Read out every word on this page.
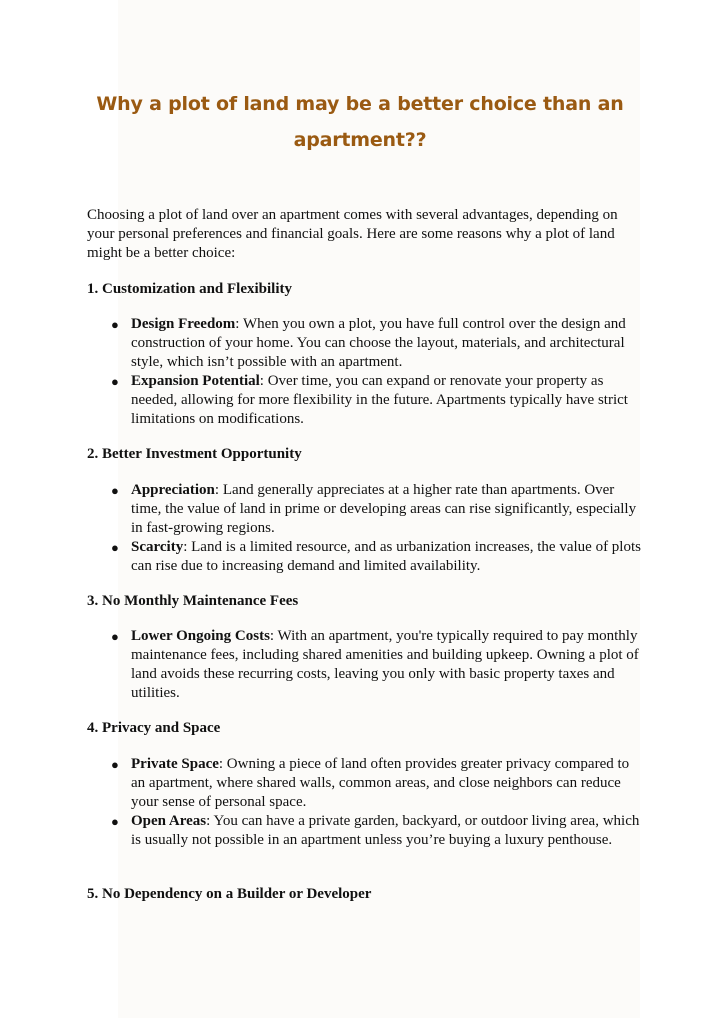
Why a plot of land may be a better choice than an apartment??
Choosing a plot of land over an apartment comes with several advantages, depending on your personal preferences and financial goals. Here are some reasons why a plot of land might be a better choice:
1. Customization and Flexibility
● Design Freedom: When you own a plot, you have full control over the design and construction of your home. You can choose the layout, materials, and architectural style, which isn’t possible with an apartment.
● Expansion Potential: Over time, you can expand or renovate your property as needed, allowing for more flexibility in the future. Apartments typically have strict limitations on modifications.
2. Better Investment Opportunity
● Appreciation: Land generally appreciates at a higher rate than apartments. Over time, the value of land in prime or developing areas can rise significantly, especially in fast-growing regions.
● Scarcity: Land is a limited resource, and as urbanization increases, the value of plots can rise due to increasing demand and limited availability.
3. No Monthly Maintenance Fees
● Lower Ongoing Costs: With an apartment, you're typically required to pay monthly maintenance fees, including shared amenities and building upkeep. Owning a plot of land avoids these recurring costs, leaving you only with basic property taxes and utilities.
4. Privacy and Space
● Private Space: Owning a piece of land often provides greater privacy compared to an apartment, where shared walls, common areas, and close neighbors can reduce your sense of personal space.
● Open Areas: You can have a private garden, backyard, or outdoor living area, which is usually not possible in an apartment unless you’re buying a luxury penthouse.
5. No Dependency on a Builder or Developer
